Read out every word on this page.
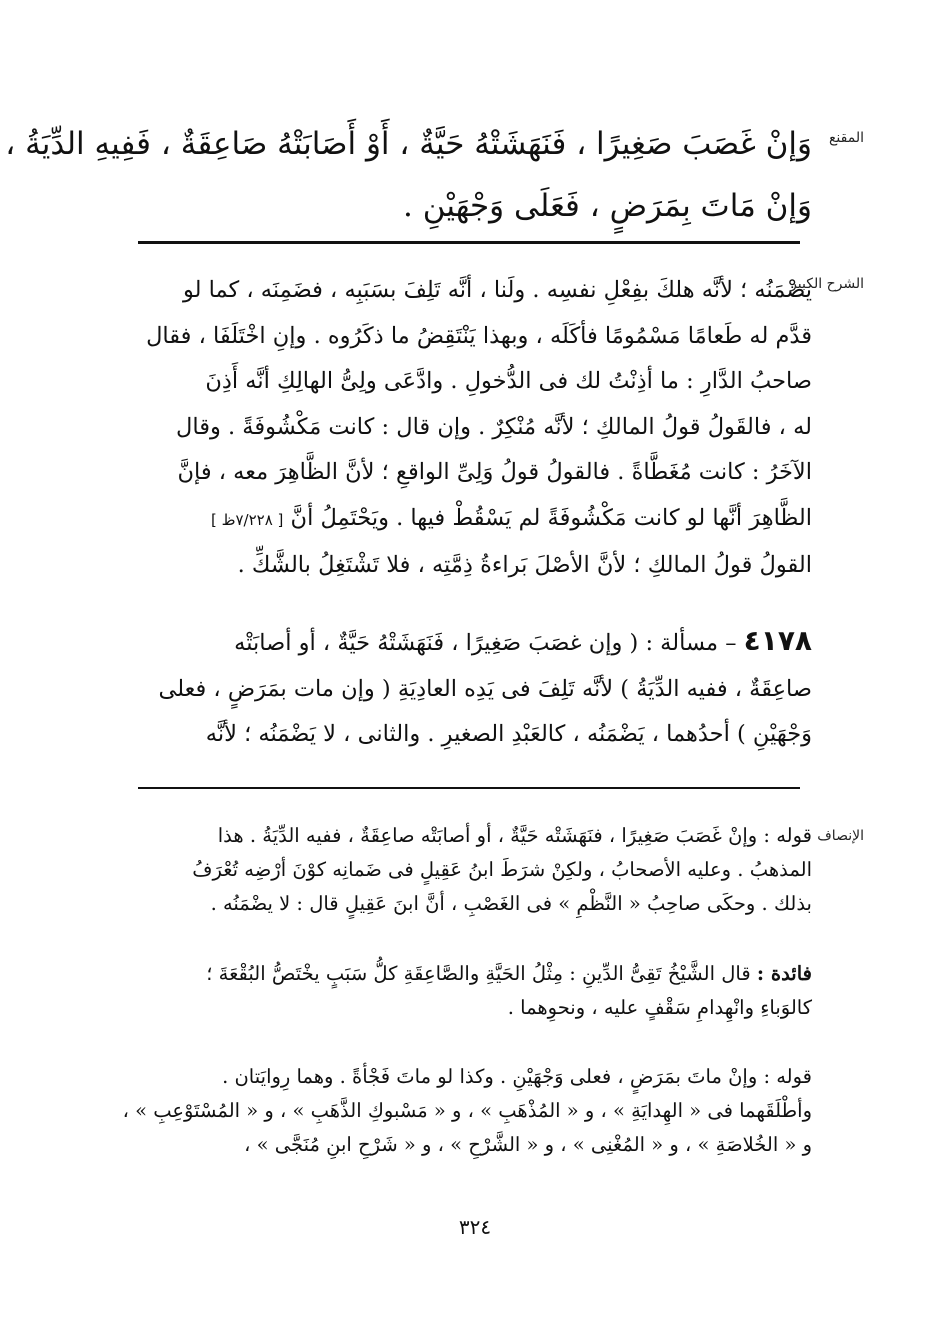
المقنع
وَإنْ غَصَبَ صَغِيرًا ، فَنَهَشَتْهُ حَيَّةٌ ، أَوْ أَصَابَتْهُ صَاعِقَةٌ ، فَفِيهِ الدِّيَةُ ،
وَإنْ مَاتَ بِمَرَضٍ ، فَعَلَى وَجْهَيْنِ .
الشرح الكبير
يضْمَنُه ؛ لأنَّه هلكَ بفِعْلِ نفسِه . ولَنا ، أنَّه تَلِفَ بسَبَبِه ، فضَمِنَه ، كما لو
قدَّم له طَعامًا مَسْمُومًا فأكَلَه ، وبهذا يَنْتَقِضُ ما ذكَرُوه . وإنِ اخْتَلَفَا ، فقال
صاحبُ الدَّارِ : ما أذِنْتُ لك فى الدُّخولِ . وادَّعَى ولِىُّ الهالِكِ أنَّه أَذِنَ
له ، فالقَولُ قولُ المالكِ ؛ لأنَّه مُنْكِرٌ . وإن قال : كانت مَكْشُوفَةً . وقال
الآخَرُ : كانت مُغَطَّاةً . فالقولُ قولُ وَلِىِّ الواقعِ ؛ لأنَّ الظَّاهِرَ معه ، فإنَّ
الظَّاهِرَ أنَّها لو كانت مَكْشُوفَةً لم يَسْقُطْ فيها . ويَحْتَمِلُ أنَّ [ ٧/٢٢٨ظ ]
القولُ قولُ المالكِ ؛ لأنَّ الأصْلَ بَراءةُ ذِمَّتِه ، فلا تَشْتَغِلُ بالشَّكِّ .
٤١٧٨ – مسألة : ( وإن غصَبَ صَغِيرًا ، فَنَهَشَتْهُ حَيَّةٌ ، أو أصابَتْه
صاعِقَةٌ ، ففيه الدِّيَةُ ) لأنَّه تَلِفَ فى يَدِه العادِيَةِ ( وإن مات بمَرَضٍ ، فعلى
وَجْهَيْنِ ) أحدُهما ، يَضْمَنُه ، كالعَبْدِ الصغيرِ . والثانى ، لا يَضْمَنُه ؛ لأنَّه
الإنصاف
قوله : وإنْ غَصَبَ صَغِيرًا ، فنَهَشَتْه حَيَّةٌ ، أو أصابَتْه صاعِقَةٌ ، ففيه الدِّيَةُ . هذا
المذهبُ . وعليه الأصحابُ ، ولكِنْ شرَطَ ابنُ عَقِيلٍ فى ضَمانِه كوْنَ أرْضِه تُعْرَفُ
بذلك . وحكَى صاحِبُ « النَّظْمِ » فى الغَصْبِ ، أنَّ ابنَ عَقِيلٍ قال : لا يضْمَنُه .
فائدة : قال الشَّيْخُ تَقِىُّ الدِّينِ : مِثْلُ الحَيَّةِ والصَّاعِقَةِ كلُّ سَبَبٍ يخْتَصُّ البُقْعَةَ ؛
كالوَباءِ وانْهِدامِ سَقْفٍ عليه ، ونحوِهما .
قوله : وإنْ ماتَ بمَرَضٍ ، فعلى وَجْهَيْنِ . وكذا لو ماتَ فَجْأةً . وهما رِوايَتان .
وأطْلَقَهما فى « الهِدايَةِ » ، و « المُذْهَبِ » ، و « مَسْبوكِ الذَّهَبِ » ، و « المُسْتَوْعِبِ » ،
و « الخُلاصَةِ » ، و « المُغْنِى » ، و « الشَّرْحِ » ، و « شَرْحِ ابنِ مُنَجَّى » ،
٣٢٤
